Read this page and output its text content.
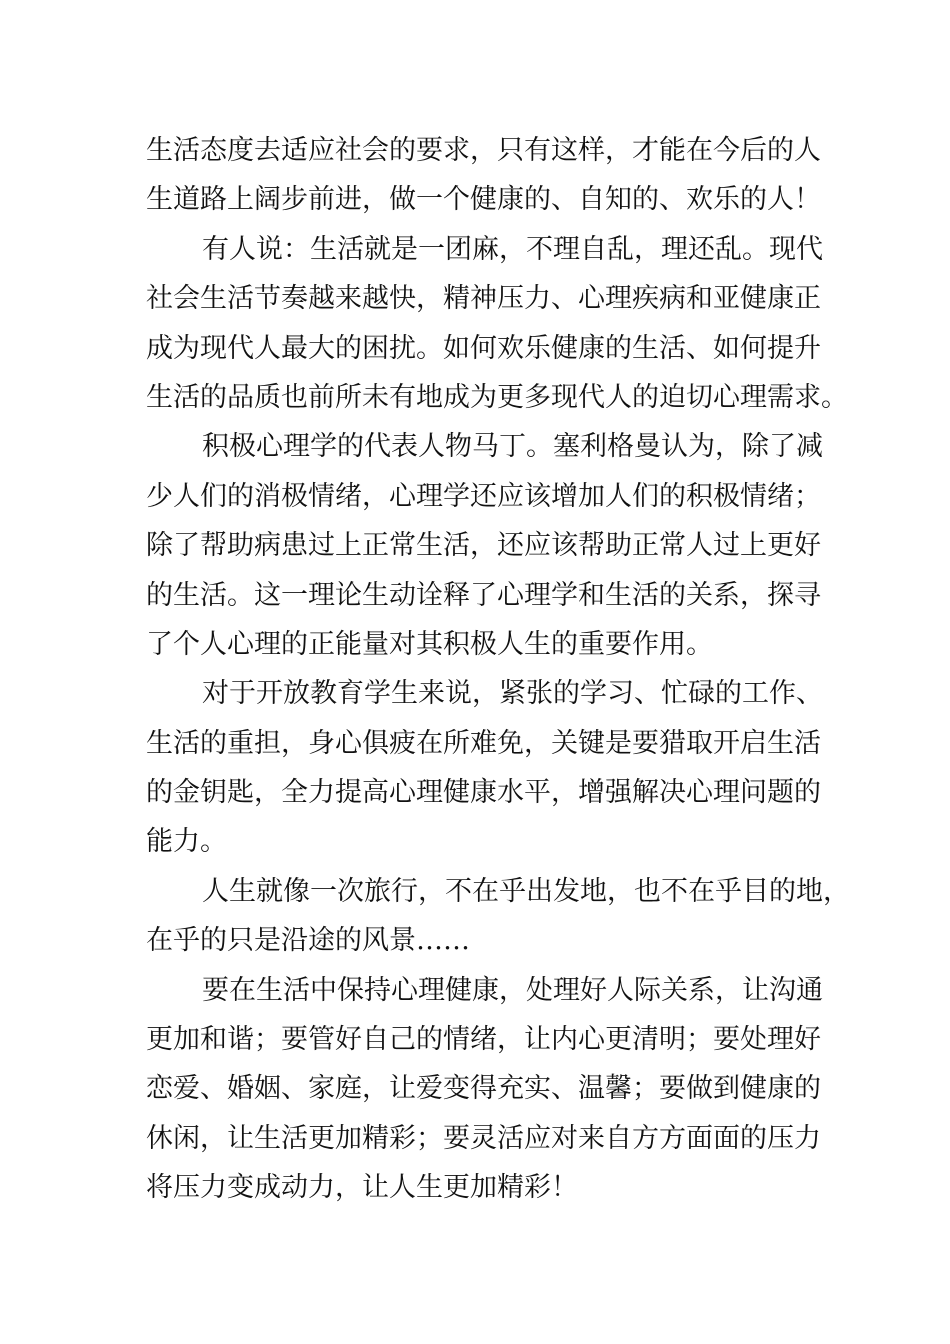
生活态度去适应社会的要求，只有这样，才能在今后的人
生道路上阔步前进，做一个健康的、自知的、欢乐的人！
有人说：生活就是一团麻，不理自乱，理还乱。现代
社会生活节奏越来越快，精神压力、心理疾病和亚健康正
成为现代人最大的困扰。如何欢乐健康的生活、如何提升
生活的品质也前所未有地成为更多现代人的迫切心理需求。
积极心理学的代表人物马丁。塞利格曼认为，除了减
少人们的消极情绪，心理学还应该增加人们的积极情绪；
除了帮助病患过上正常生活，还应该帮助正常人过上更好
的生活。这一理论生动诠释了心理学和生活的关系，探寻
了个人心理的正能量对其积极人生的重要作用。
对于开放教育学生来说，紧张的学习、忙碌的工作、
生活的重担，身心俱疲在所难免，关键是要猎取开启生活
的金钥匙，全力提高心理健康水平，增强解决心理问题的
能力。
人生就像一次旅行，不在乎出发地，也不在乎目的地，
在乎的只是沿途的风景……
要在生活中保持心理健康，处理好人际关系，让沟通
更加和谐；要管好自己的情绪，让内心更清明；要处理好
恋爱、婚姻、家庭，让爱变得充实、温馨；要做到健康的
休闲，让生活更加精彩；要灵活应对来自方方面面的压力
将压力变成动力，让人生更加精彩！
